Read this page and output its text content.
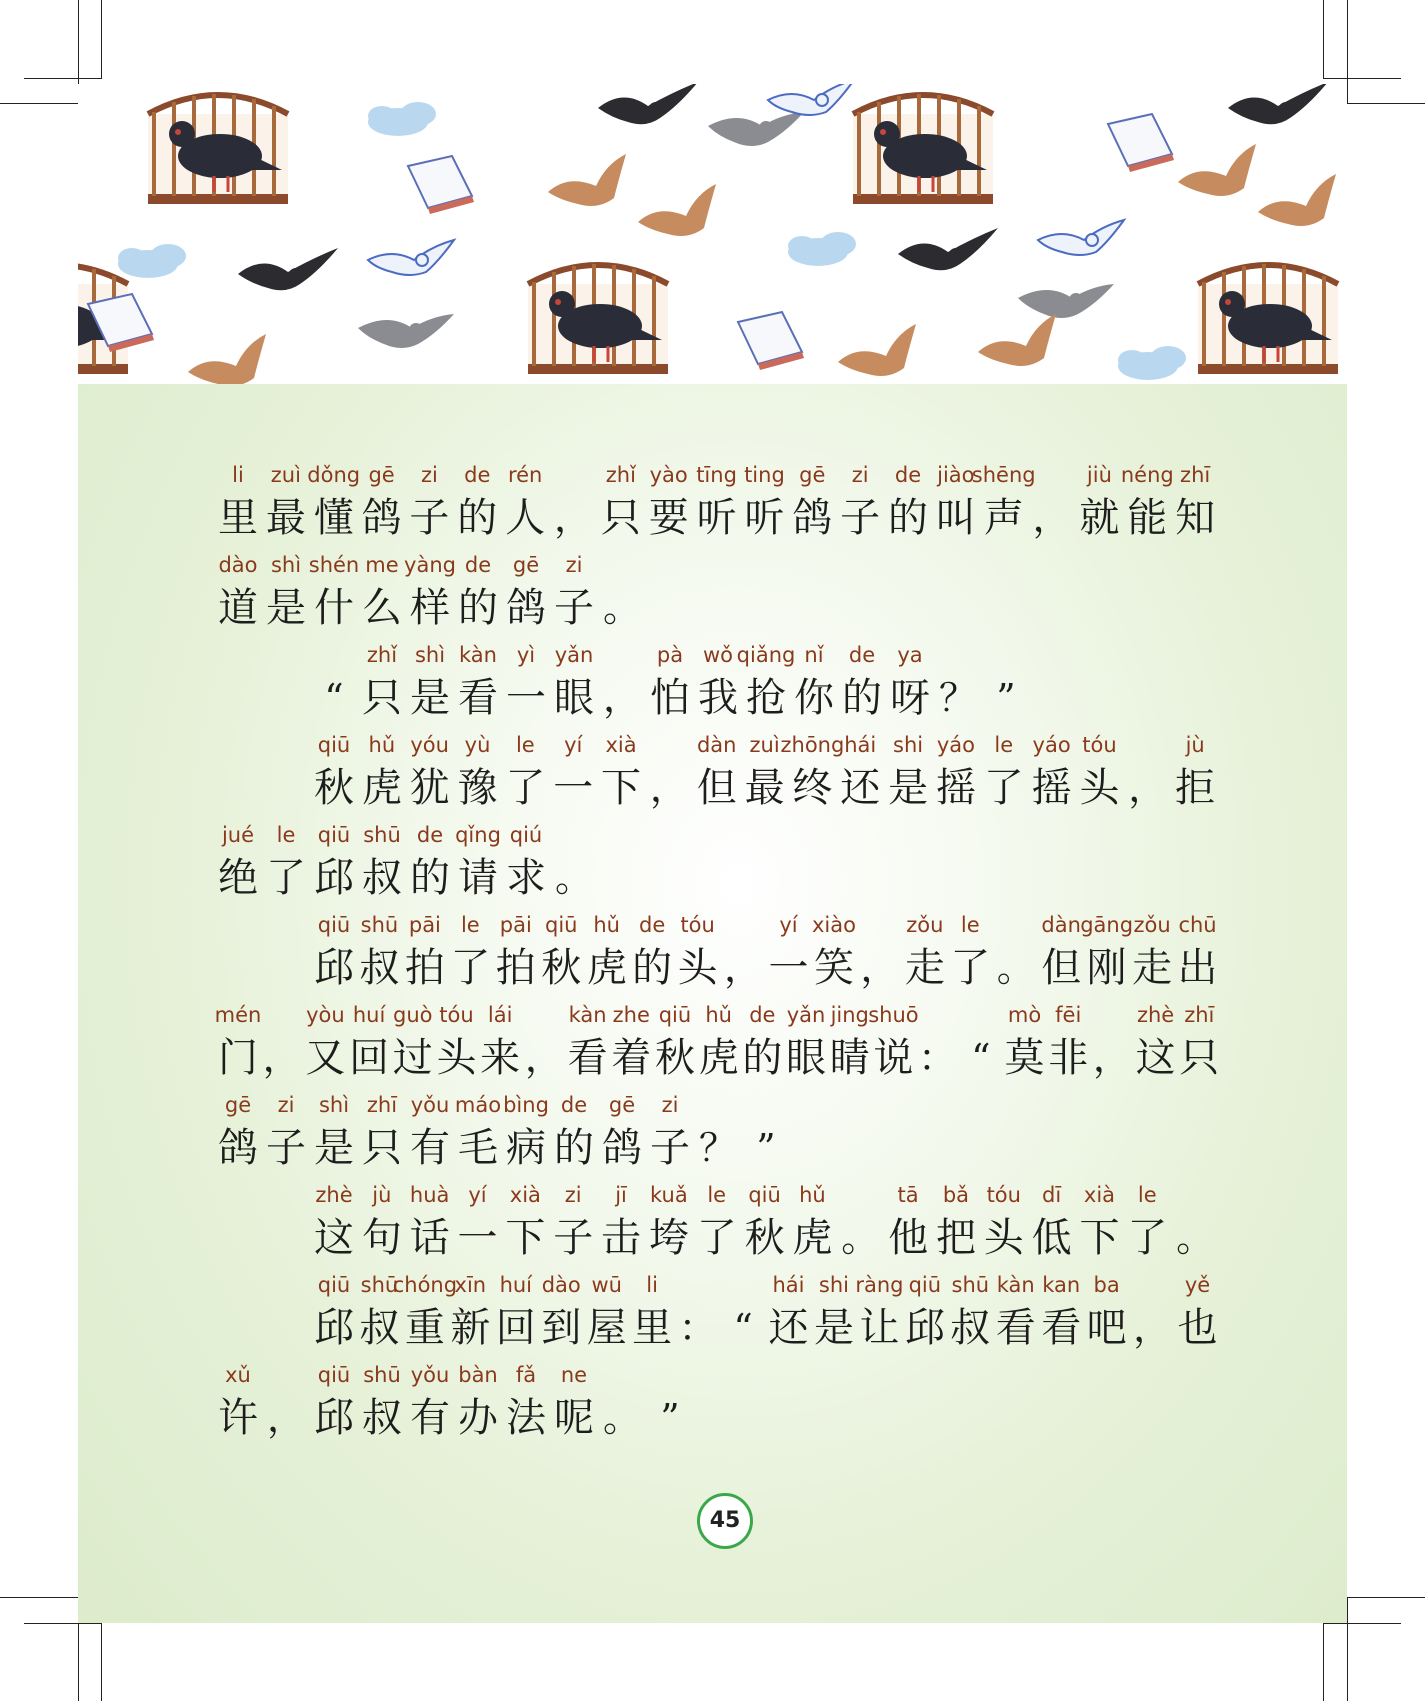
li
里
zuì
最
dǒng
懂
gē
鸽
zi
子
de
的
rén
人 ，
zhǐ
只
yào
要
tīng
听
ting
听
gē
鸽
zi
子
de
的
jiào
叫
shēng
声 ，
jiù
就
néng
能
zhī
知
dào
道
shì
是
shén
什
me
么
yàng
样
de
的
gē
鸽
zi
子 。
“
zhǐ
只
shì
是
kàn
看
yì
一
yǎn
眼 ，
pà
怕
wǒ
我
qiǎng
抢
nǐ
你
de
的
ya
呀 ？ ”
qiū
秋
hǔ
虎
yóu
犹
yù
豫
le
了
yí
一
xià
下 ，
dàn
但
zuì
最
zhōng
终
hái
还
shi
是
yáo
摇
le
了
yáo
摇
tóu
头 ，
jù
拒
jué
绝
le
了
qiū
邱
shū
叔
de
的
qǐng
请
qiú
求 。
qiū
邱
shū
叔
pāi
拍
le
了
pāi
拍
qiū
秋
hǔ
虎
de
的
tóu
头 ，
yí
一
xiào
笑 ，
zǒu
走
le
了 。
dàn
但
gāng
刚
zǒu
走
chū
出
mén
门 ，
yòu
又
huí
回
guò
过
tóu
头
lái
来 ，
kàn
看
zhe
着
qiū
秋
hǔ
虎
de
的
yǎn
眼
jing
睛
shuō
说 ： “
mò
莫
fēi
非 ，
zhè
这
zhī
只
gē
鸽
zi
子
shì
是
zhī
只
yǒu
有
máo
毛
bìng
病
de
的
gē
鸽
zi
子 ？ ”
zhè
这
jù
句
huà
话
yí
一
xià
下
zi
子
jī
击
kuǎ
垮
le
了
qiū
秋
hǔ
虎 。
tā
他
bǎ
把
tóu
头
dī
低
xià
下
le
了 。
qiū
邱
shū
叔
chóng
重
xīn
新
huí
回
dào
到
wū
屋
li
里 ： “
hái
还
shi
是
ràng
让
qiū
邱
shū
叔
kàn
看
kan
看
ba
吧 ，
yě
也
xǔ
许 ，
qiū
邱
shū
叔
yǒu
有
bàn
办
fǎ
法
ne
呢 。 ”
45
